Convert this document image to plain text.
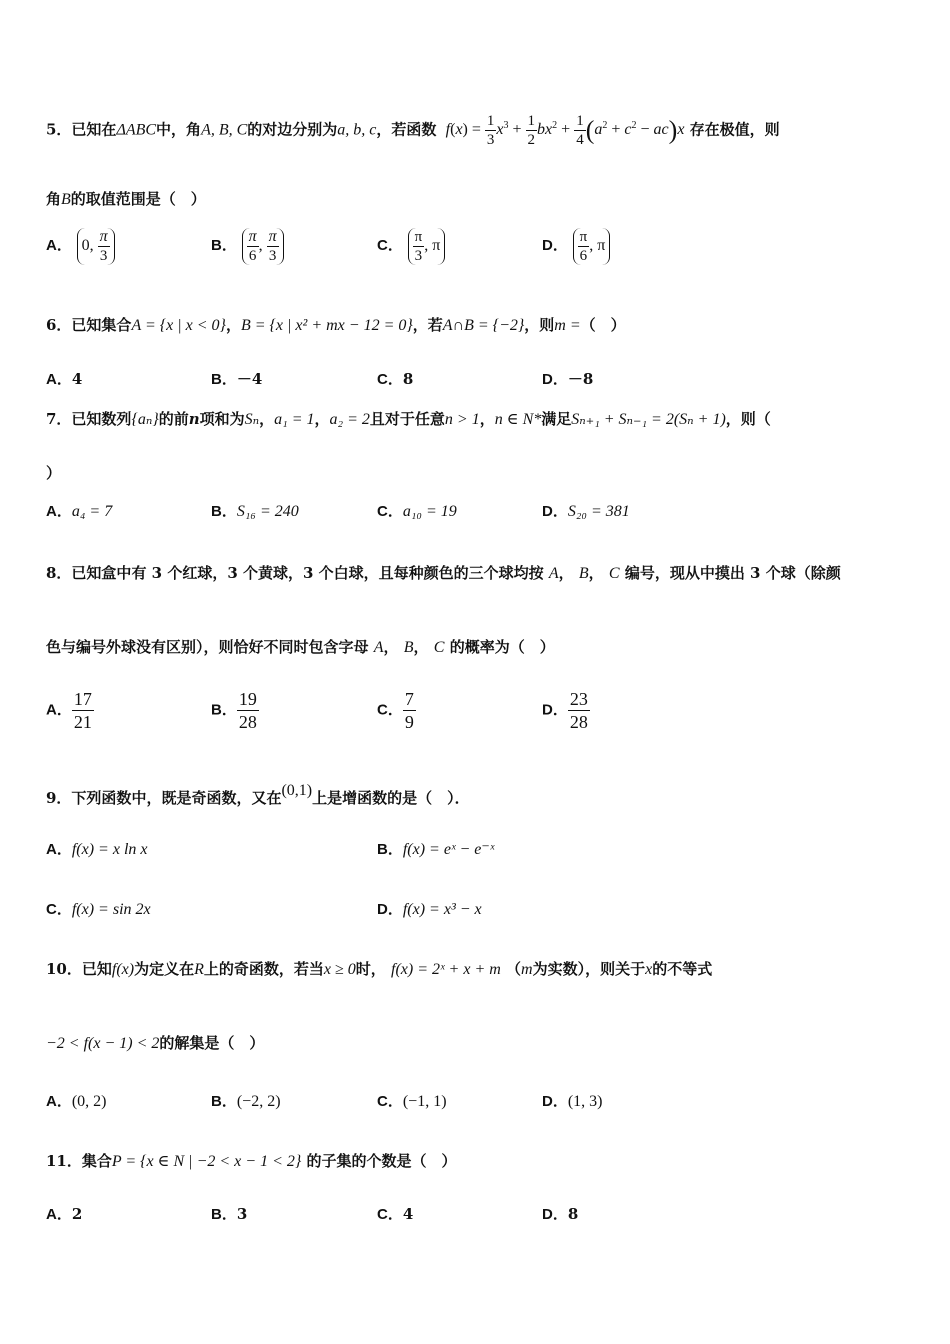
5．已知在ΔABC中，角A, B, C的对边分别为a, b, c，若函数 $f(x) = \frac{1}{3} x^3 + \frac{1}{2} bx^2 + \frac{1}{4} (a^2 + c^2 - ac)x$ 存在极值，则
角B的取值范围是（　）
A． 0, $\frac{\pi}{3}$	B． $\frac{\pi}{6}$ , $\frac{\pi}{3}$	C． $\frac{\pi}{3}$ , π	D． $\frac{\pi}{6}$ , π
6．已知集合A = {x | x < 0}，B = {x | x² + mx − 12 = 0}，若A∩B = {−2}，则m =（　）
A．4	B．－4	C．8	D．－8
7．已知数列{aₙ}的前n项和为Sₙ，a₁ = 1，a₂ = 2且对于任意n > 1，n ∈ N*满足Sₙ₊₁ + Sₙ₋₁ = 2(Sₙ + 1)，则（
）
A．a₄ = 7	B．S₁₆ = 240	C．a₁₀ = 19	D．S₂₀ = 381
8．已知盒中有 3 个红球，3 个黄球，3 个白球，且每种颜色的三个球均按 A， B， C 编号，现从中摸出 3 个球（除颜
色与编号外球没有区别），则恰好不同时包含字母 A， B， C 的概率为（　）
A． $\frac{17}{21}$	B． $\frac{19}{28}$	C． $\frac{7}{9}$	D． $\frac{23}{28}$
9．下列函数中，既是奇函数，又在(0,1)上是增函数的是（　）．
A．f(x) = x ln x	B．f(x) = eˣ − e⁻ˣ
C．f(x) = sin 2x	D．f(x) = x³ − x
10．已知f(x)为定义在R上的奇函数，若当x ≥ 0时， f(x) = 2ˣ + x + m （m为实数），则关于x的不等式
−2 < f(x − 1) < 2的解集是（　）
A．(0, 2)	B．(−2, 2)	C．(−1, 1)	D．(1, 3)
11．集合P = {x ∈ N | −2 < x − 1 < 2} 的子集的个数是（　）
A．2	B．3	C．4	D．8
